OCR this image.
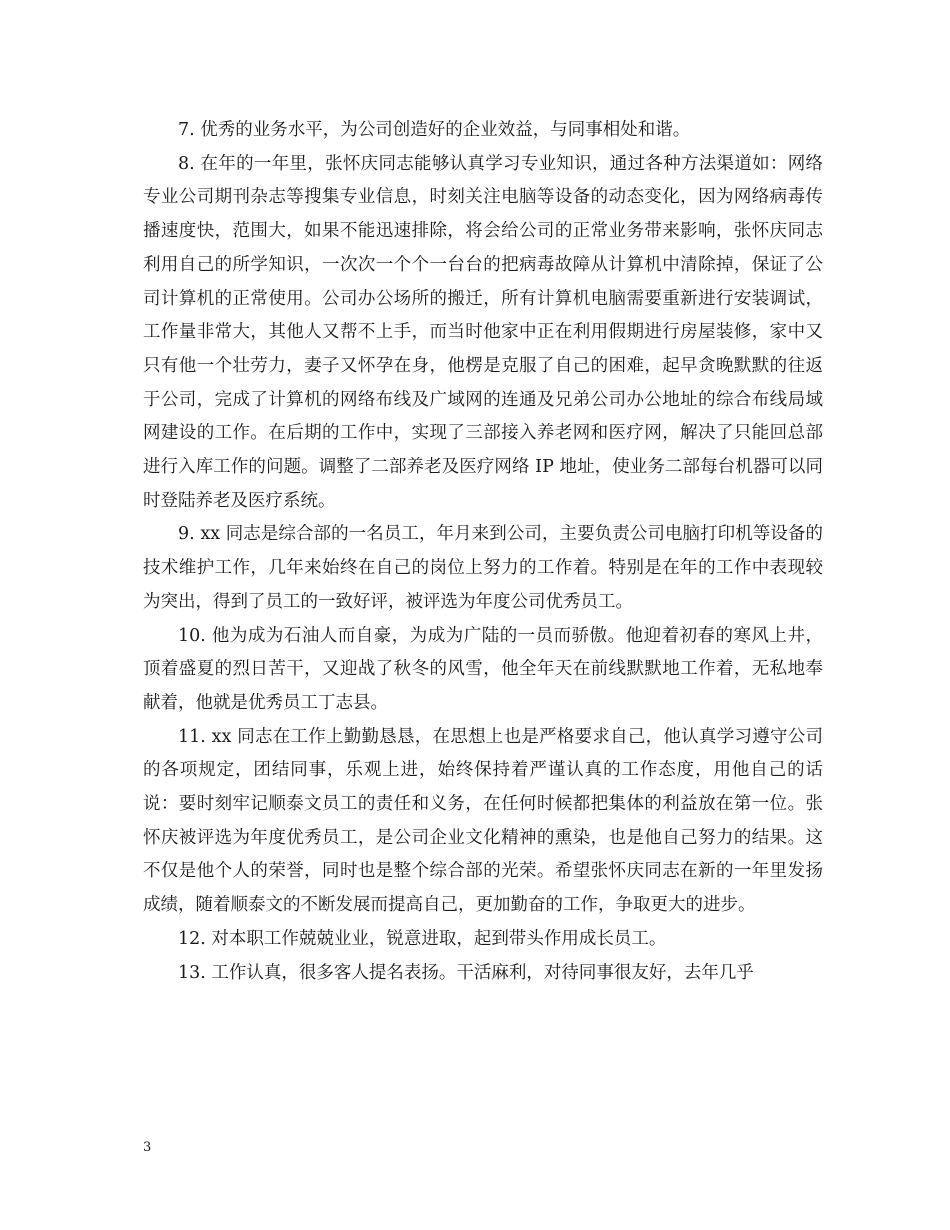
7. 优秀的业务水平，为公司创造好的企业效益，与同事相处和谐。

8. 在年的一年里，张怀庆同志能够认真学习专业知识，通过各种方法渠道如：网络专业公司期刊杂志等搜集专业信息，时刻关注电脑等设备的动态变化，因为网络病毒传播速度快，范围大，如果不能迅速排除，将会给公司的正常业务带来影响，张怀庆同志利用自己的所学知识，一次次一个个一台台的把病毒故障从计算机中清除掉，保证了公司计算机的正常使用。公司办公场所的搬迁，所有计算机电脑需要重新进行安装调试，工作量非常大，其他人又帮不上手，而当时他家中正在利用假期进行房屋装修，家中又只有他一个壮劳力，妻子又怀孕在身，他楞是克服了自己的困难，起早贪晚默默的往返于公司，完成了计算机的网络布线及广域网的连通及兄弟公司办公地址的综合布线局域网建设的工作。在后期的工作中，实现了三部接入养老网和医疗网，解决了只能回总部进行入库工作的问题。调整了二部养老及医疗网络 IP 地址，使业务二部每台机器可以同时登陆养老及医疗系统。

9. xx 同志是综合部的一名员工，年月来到公司，主要负责公司电脑打印机等设备的技术维护工作，几年来始终在自己的岗位上努力的工作着。特别是在年的工作中表现较为突出，得到了员工的一致好评，被评选为年度公司优秀员工。

10. 他为成为石油人而自豪，为成为广陆的一员而骄傲。他迎着初春的寒风上井，顶着盛夏的烈日苦干，又迎战了秋冬的风雪，他全年天在前线默默地工作着，无私地奉献着，他就是优秀员工丁志县。

11. xx 同志在工作上勤勤恳恳，在思想上也是严格要求自己，他认真学习遵守公司的各项规定，团结同事，乐观上进，始终保持着严谨认真的工作态度，用他自己的话说：要时刻牢记顺泰文员工的责任和义务，在任何时候都把集体的利益放在第一位。张怀庆被评选为年度优秀员工，是公司企业文化精神的熏染，也是他自己努力的结果。这不仅是他个人的荣誉，同时也是整个综合部的光荣。希望张怀庆同志在新的一年里发扬成绩，随着顺泰文的不断发展而提高自己，更加勤奋的工作，争取更大的进步。

12. 对本职工作兢兢业业，锐意进取，起到带头作用成长员工。

13. 工作认真，很多客人提名表扬。干活麻利，对待同事很友好，去年几乎

3
